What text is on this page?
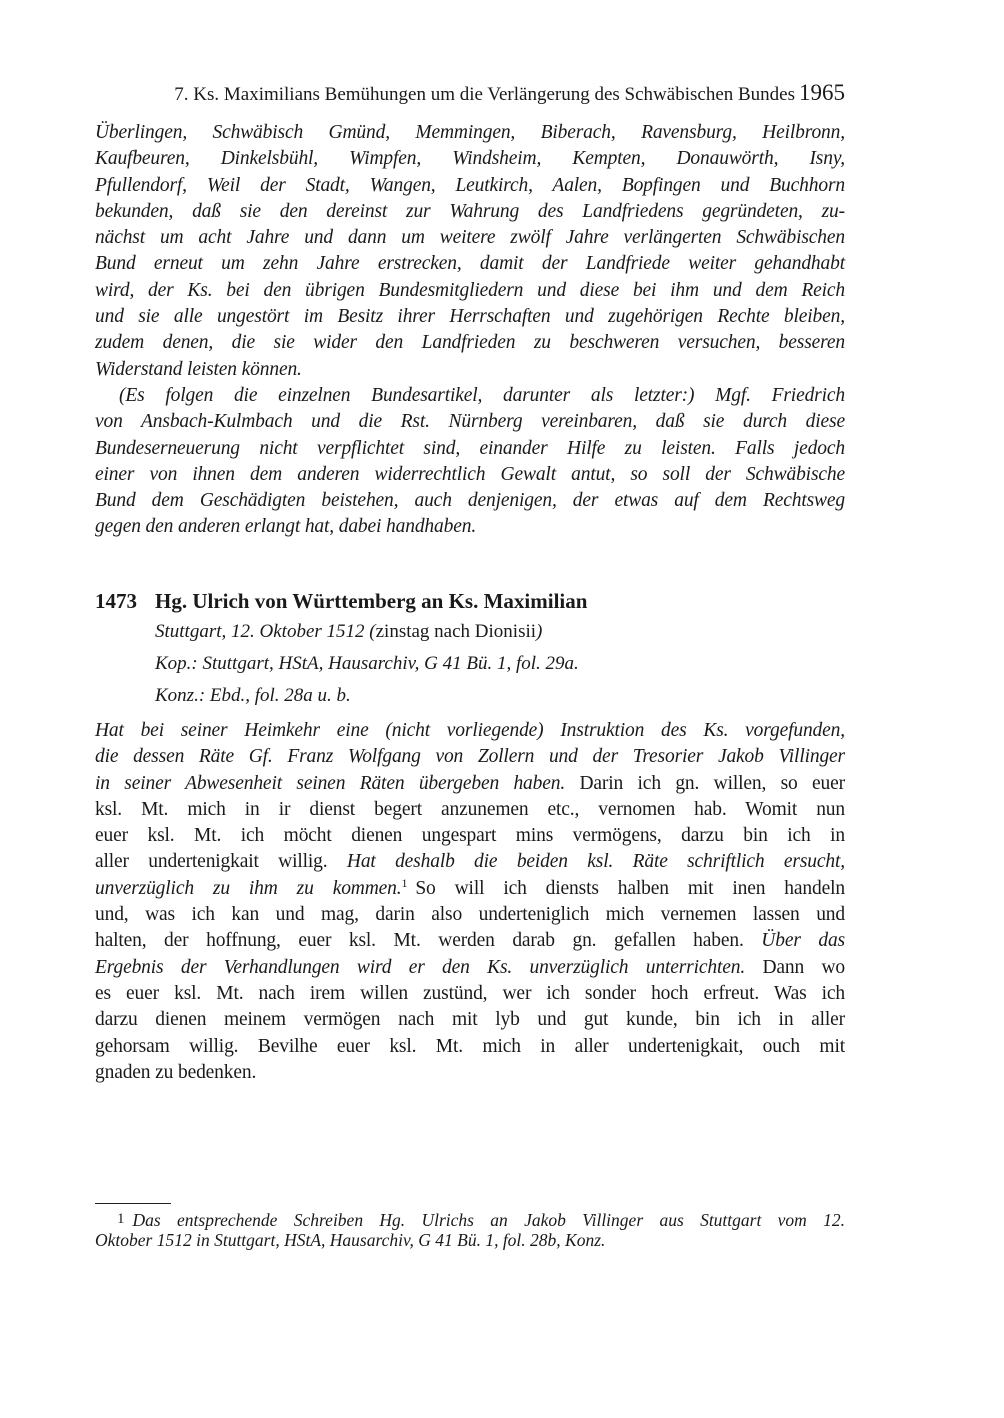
7. Ks. Maximilians Bemühungen um die Verlängerung des Schwäbischen Bundes 1965
Überlingen, Schwäbisch Gmünd, Memmingen, Biberach, Ravensburg, Heilbronn,
Kaufbeuren, Dinkelsbühl, Wimpfen, Windsheim, Kempten, Donauwörth, Isny,
Pfullendorf, Weil der Stadt, Wangen, Leutkirch, Aalen, Bopfingen und Buchhorn
bekunden, daß sie den dereinst zur Wahrung des Landfriedens gegründeten, zu-
nächst um acht Jahre und dann um weitere zwölf Jahre verlängerten Schwäbischen
Bund erneut um zehn Jahre erstrecken, damit der Landfriede weiter gehandhabt
wird, der Ks. bei den übrigen Bundesmitgliedern und diese bei ihm und dem Reich
und sie alle ungestört im Besitz ihrer Herrschaften und zugehörigen Rechte bleiben,
zudem denen, die sie wider den Landfrieden zu beschweren versuchen, besseren
Widerstand leisten können.
(Es folgen die einzelnen Bundesartikel, darunter als letzter:) Mgf. Friedrich
von Ansbach-Kulmbach und die Rst. Nürnberg vereinbaren, daß sie durch diese
Bundeserneuerung nicht verpflichtet sind, einander Hilfe zu leisten. Falls jedoch
einer von ihnen dem anderen widerrechtlich Gewalt antut, so soll der Schwäbische
Bund dem Geschädigten beistehen, auch denjenigen, der etwas auf dem Rechtsweg
gegen den anderen erlangt hat, dabei handhaben.
1473 Hg. Ulrich von Württemberg an Ks. Maximilian
Stuttgart, 12. Oktober 1512 (zinstag nach Dionisii)
Kop.: Stuttgart, HStA, Hausarchiv, G 41 Bü. 1, fol. 29a.
Konz.: Ebd., fol. 28a u. b.
Hat bei seiner Heimkehr eine (nicht vorliegende) Instruktion des Ks. vorgefunden,
die dessen Räte Gf. Franz Wolfgang von Zollern und der Tresorier Jakob Villinger
in seiner Abwesenheit seinen Räten übergeben haben. Darin ich gn. willen, so euer
ksl. Mt. mich in ir dienst begert anzunemen etc., vernomen hab. Womit nun
euer ksl. Mt. ich möcht dienen ungespart mins vermögens, darzu bin ich in
aller undertenigkait willig. Hat deshalb die beiden ksl. Räte schriftlich ersucht,
unverzüglich zu ihm zu kommen.$^1$ So will ich diensts halben mit inen handeln
und, was ich kan und mag, darin also underteniglich mich vernemen lassen und
halten, der hoffnung, euer ksl. Mt. werden darab gn. gefallen haben. Über das
Ergebnis der Verhandlungen wird er den Ks. unverzüglich unterrichten. Dann wo
es euer ksl. Mt. nach irem willen zustünd, wer ich sonder hoch erfreut. Was ich
darzu dienen meinem vermögen nach mit lyb und gut kunde, bin ich in aller
gehorsam willig. Bevilhe euer ksl. Mt. mich in aller undertenigkait, ouch mit
gnaden zu bedenken.
1 Das entsprechende Schreiben Hg. Ulrichs an Jakob Villinger aus Stuttgart vom 12.
Oktober 1512 in Stuttgart, HStA, Hausarchiv, G 41 Bü. 1, fol. 28b, Konz.
